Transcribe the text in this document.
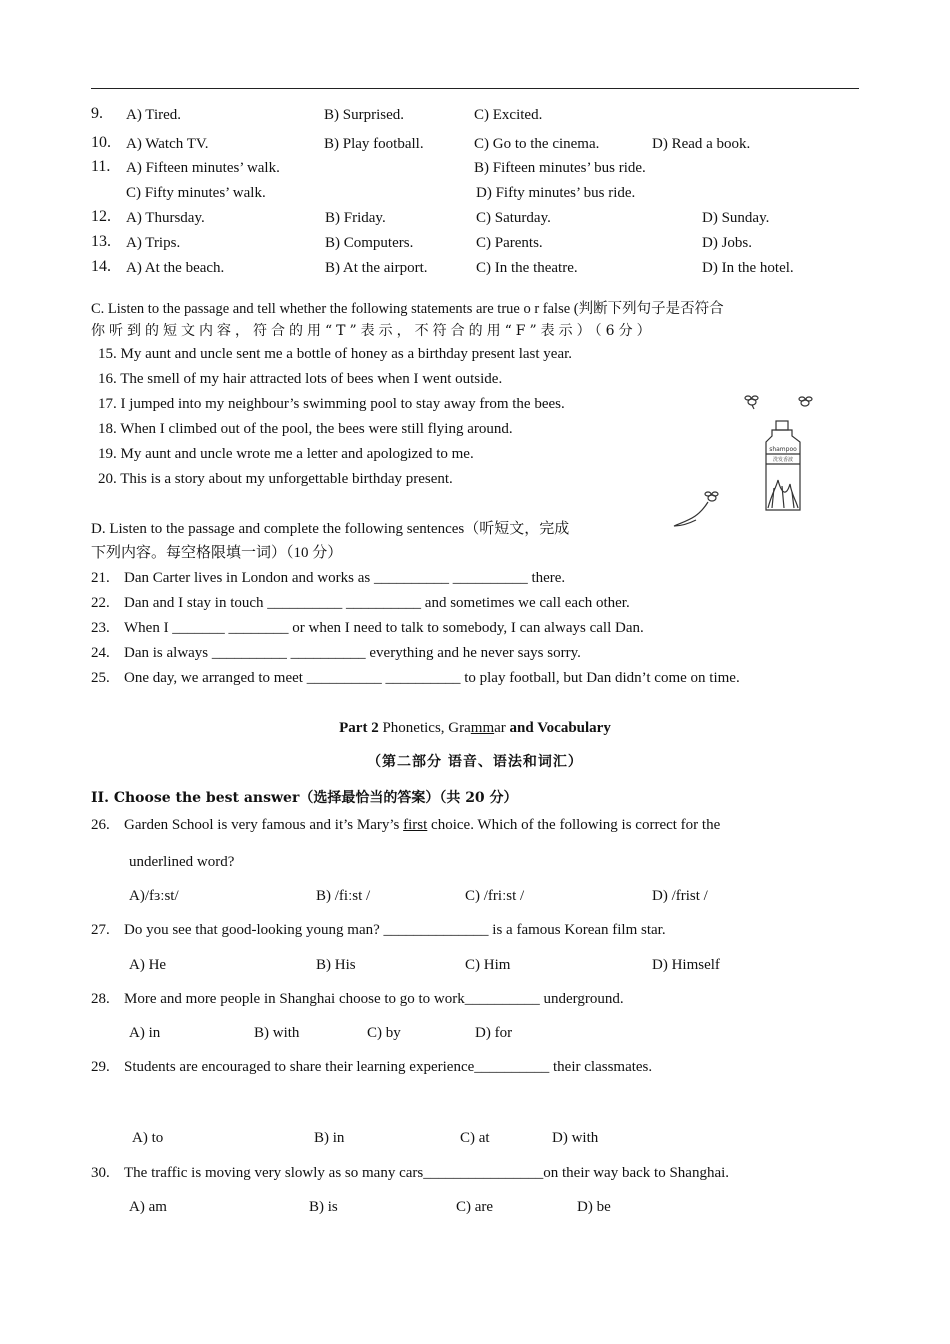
9. A) Tired.	B) Surprised.	C) Excited.
10. A) Watch TV.	B) Play football.	C) Go to the cinema.	D) Read a book.
11. A) Fifteen minutes’ walk.	B) Fifteen minutes’ bus ride.
C) Fifty minutes’ walk.	D) Fifty minutes’ bus ride.
12. A) Thursday.	B) Friday.	C) Saturday.	D) Sunday.
13. A) Trips.	B) Computers.	C) Parents.	D) Jobs.
14. A) At the beach.	B) At the airport.	C) In the theatre.	D) In the hotel.
C. Listen to the passage and tell whether the following statements are true o r false (判断下列句子是否符合
你听到的短文内容，符合的用“T”表示，不符合的用“F”表示）（6分）
15. My aunt and uncle sent me a bottle of honey as a birthday present last year.
16. The smell of my hair attracted lots of bees when I went outside.
17. I jumped into my neighbour’s swimming pool to stay away from the bees.
18. When I climbed out of the pool, the bees were still flying around.
19. My aunt and uncle wrote me a letter and apologized to me.
20. This is a story about my unforgettable birthday present.
shampoo
洗发香波
D. Listen to the passage and complete the following sentences（听短文，完成
下列内容。每空格限填一词）（10 分）
21. Dan Carter lives in London and works as __________ __________ there.
22. Dan and I stay in touch __________ __________ and sometimes we call each other.
23. When I _______ ________ or when I need to talk to somebody, I can always call Dan.
24. Dan is always __________ __________ everything and he never says sorry.
25. One day, we arranged to meet __________ __________ to play football, but Dan didn’t come on time.
Part 2 Phonetics, Grammar and Vocabulary
（第二部分 语音、语法和词汇）
II. Choose the best answer（选择最恰当的答案）（共 20 分）
26. Garden School is very famous and it’s Mary’s first choice. Which of the following is correct for the
underlined word?
A)/fɜːst/	B) /fiːst /	C) /friːst /	D) /frist /
27. Do you see that good-looking young man? ______________ is a famous Korean film star.
A) He	B) His	C) Him	D) Himself
28. More and more people in Shanghai choose to go to work__________ underground.
A) in	B) with	C) by	D) for
29. Students are encouraged to share their learning experience__________ their classmates.
A) to	B) in	C) at	D) with
30. The traffic is moving very slowly as so many cars________________on their way back to Shanghai.
A) am	B) is	C) are	D) be
